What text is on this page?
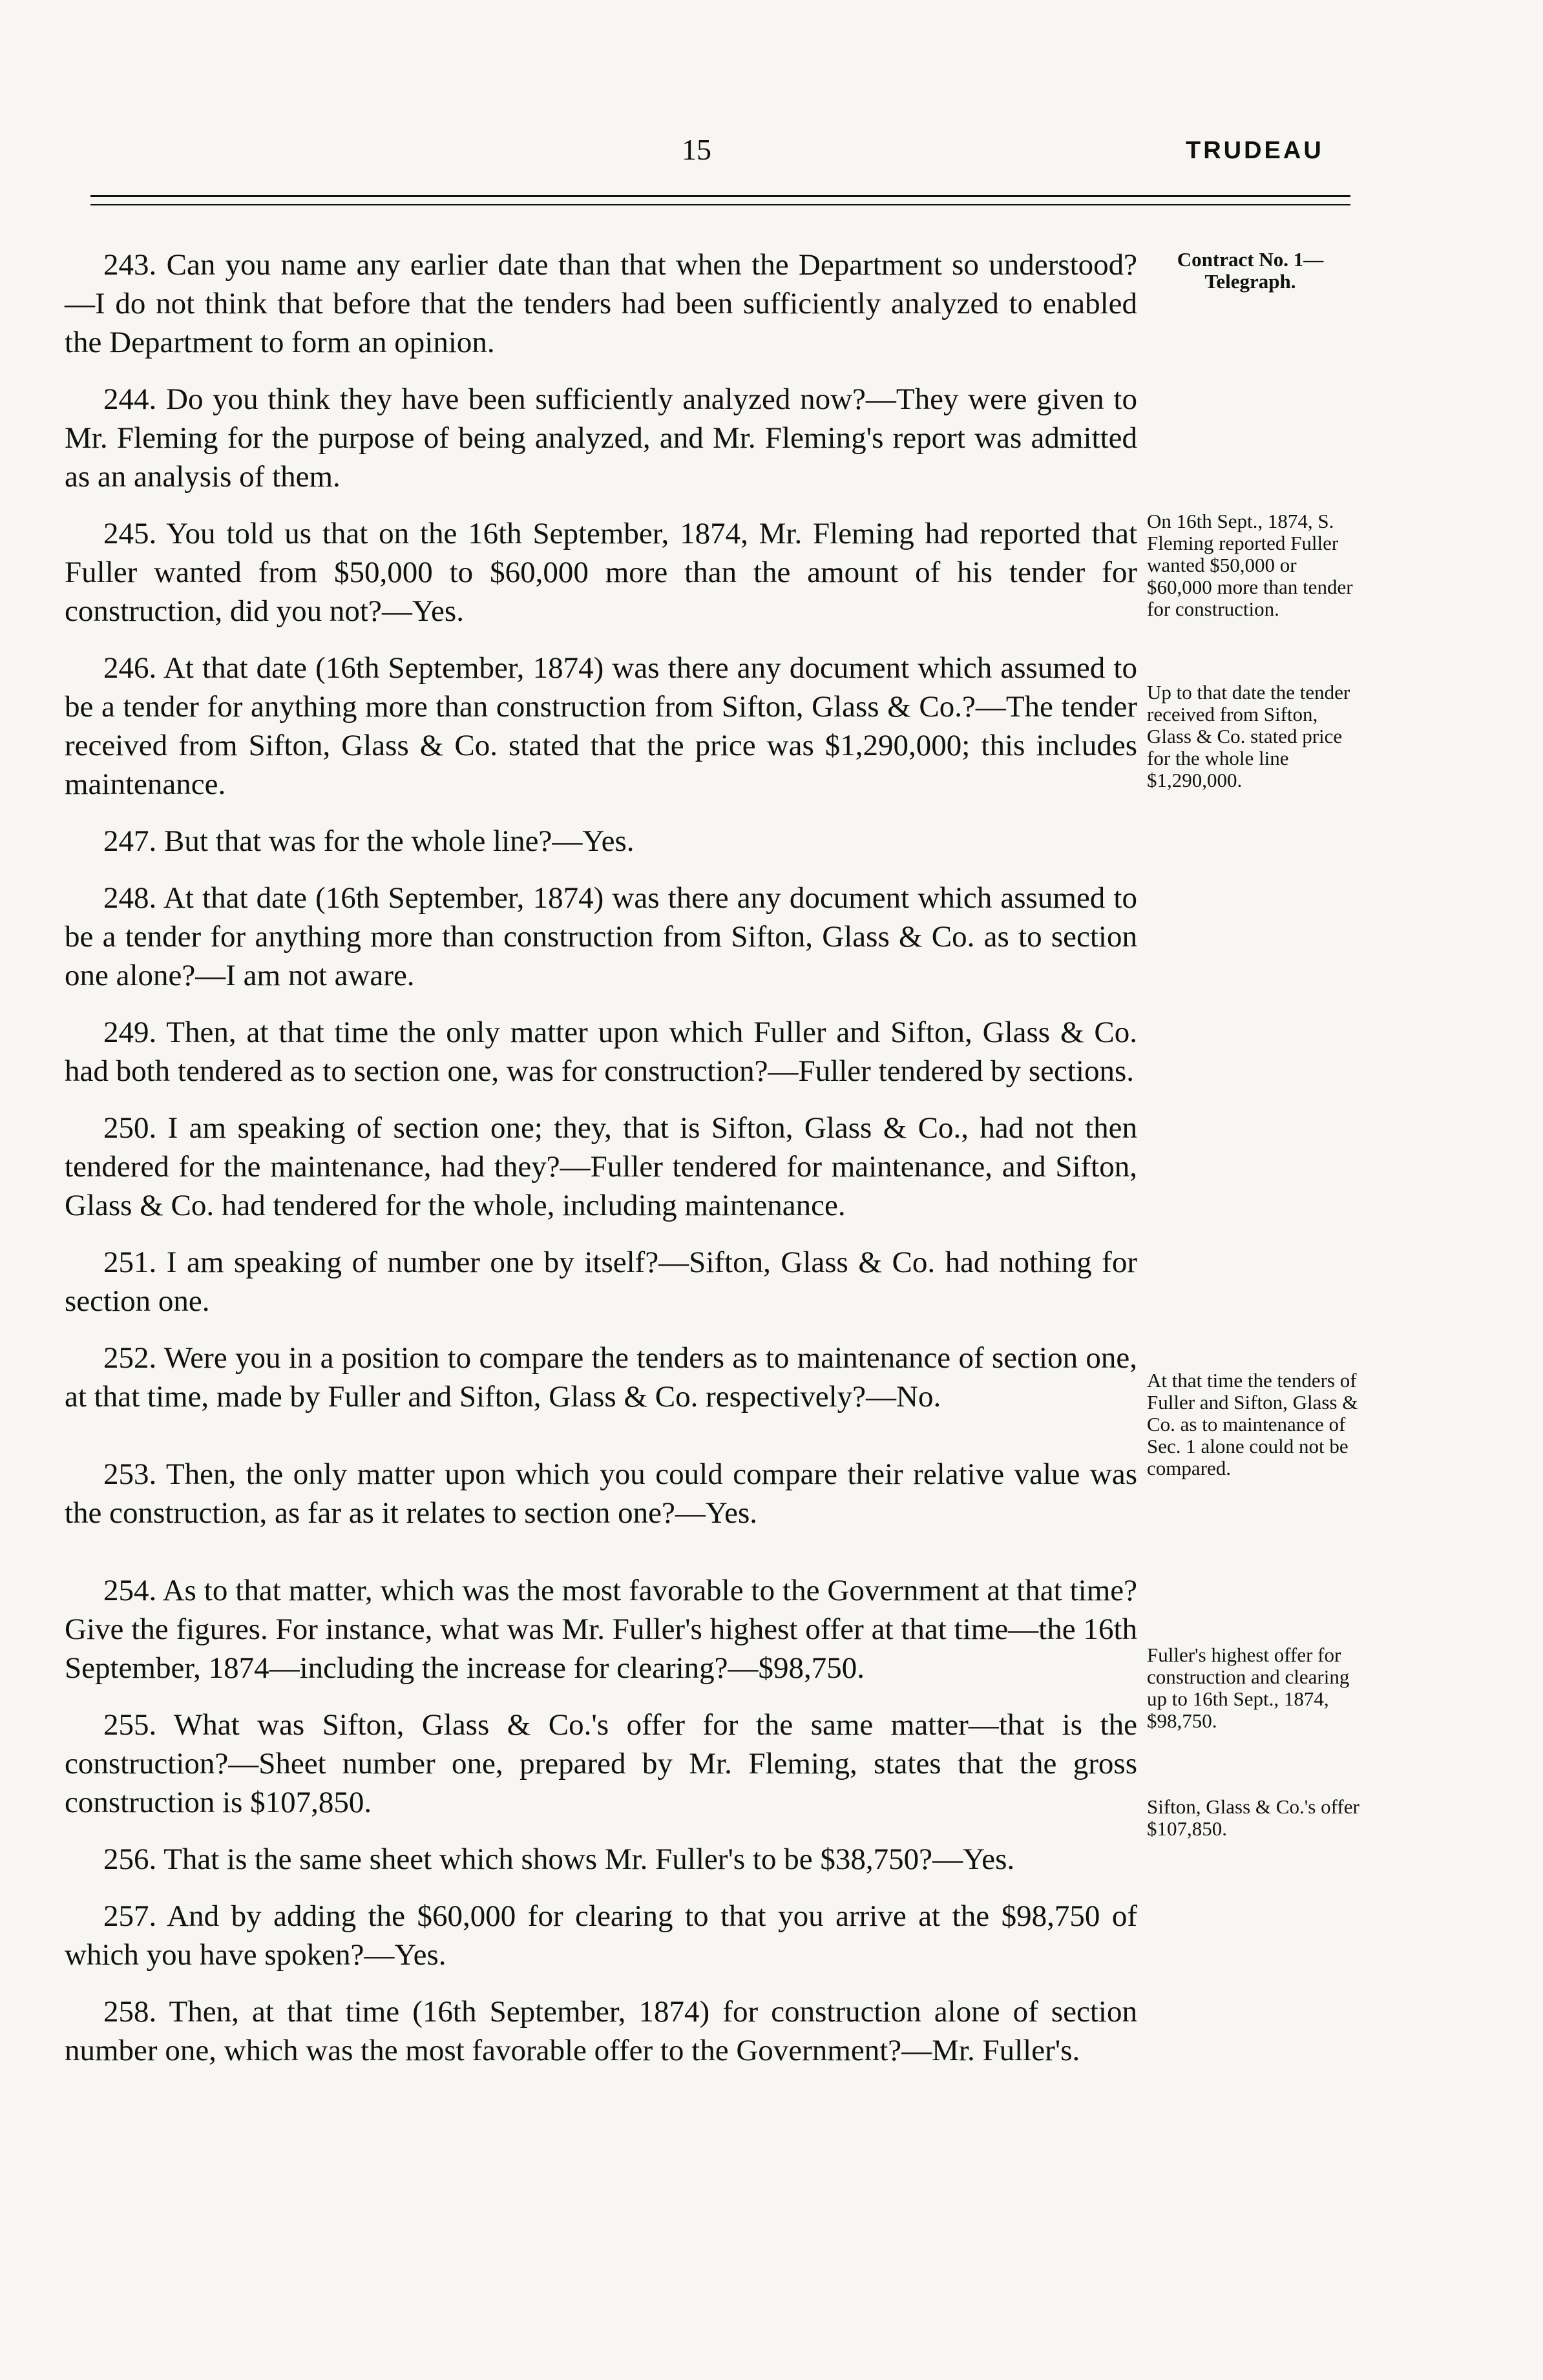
15	TRUDEAU

243. Can you name any earlier date than that when the Department so understood?—I do not think that before that the tenders had been sufficiently analyzed to enabled the Department to form an opinion.

244. Do you think they have been sufficiently analyzed now?—They were given to Mr. Fleming for the purpose of being analyzed, and Mr. Fleming's report was admitted as an analysis of them.

245. You told us that on the 16th September, 1874, Mr. Fleming had reported that Fuller wanted from $50,000 to $60,000 more than the amount of his tender for construction, did you not?—Yes.

246. At that date (16th September, 1874) was there any document which assumed to be a tender for anything more than construction from Sifton, Glass & Co.?—The tender received from Sifton, Glass & Co. stated that the price was $1,290,000; this includes maintenance.

247. But that was for the whole line?—Yes.

248. At that date (16th September, 1874) was there any document which assumed to be a tender for anything more than construction from Sifton, Glass & Co. as to section one alone?—I am not aware.

249. Then, at that time the only matter upon which Fuller and Sifton, Glass & Co. had both tendered as to section one, was for construction?—Fuller tendered by sections.

250. I am speaking of section one; they, that is Sifton, Glass & Co., had not then tendered for the maintenance, had they?—Fuller tendered for maintenance, and Sifton, Glass & Co. had tendered for the whole, including maintenance.

251. I am speaking of number one by itself?—Sifton, Glass & Co. had nothing for section one.

252. Were you in a position to compare the tenders as to maintenance of section one, at that time, made by Fuller and Sifton, Glass & Co. respectively?—No.

253. Then, the only matter upon which you could compare their relative value was the construction, as far as it relates to section one?—Yes.

254. As to that matter, which was the most favorable to the Government at that time? Give the figures. For instance, what was Mr. Fuller's highest offer at that time—the 16th September, 1874—including the increase for clearing?—$98,750.

255. What was Sifton, Glass & Co.'s offer for the same matter—that is the construction?—Sheet number one, prepared by Mr. Fleming, states that the gross construction is $107,850.

256. That is the same sheet which shows Mr. Fuller's to be $38,750?—Yes.

257. And by adding the $60,000 for clearing to that you arrive at the $98,750 of which you have spoken?—Yes.

258. Then, at that time (16th September, 1874) for construction alone of section number one, which was the most favorable offer to the Government?—Mr. Fuller's.

Contract No. 1—Telegraph.
On 16th Sept., 1874, S. Fleming reported Fuller wanted $50,000 or $60,000 more than tender for construction.
Up to that date the tender received from Sifton, Glass & Co. stated price for the whole line $1,290,000.
At that time the tenders of Fuller and Sifton, Glass & Co. as to maintenance of Sec. 1 alone could not be compared.
Fuller's highest offer for construction and clearing up to 16th Sept., 1874, $98,750.
Sifton, Glass & Co.'s offer $107,850.
